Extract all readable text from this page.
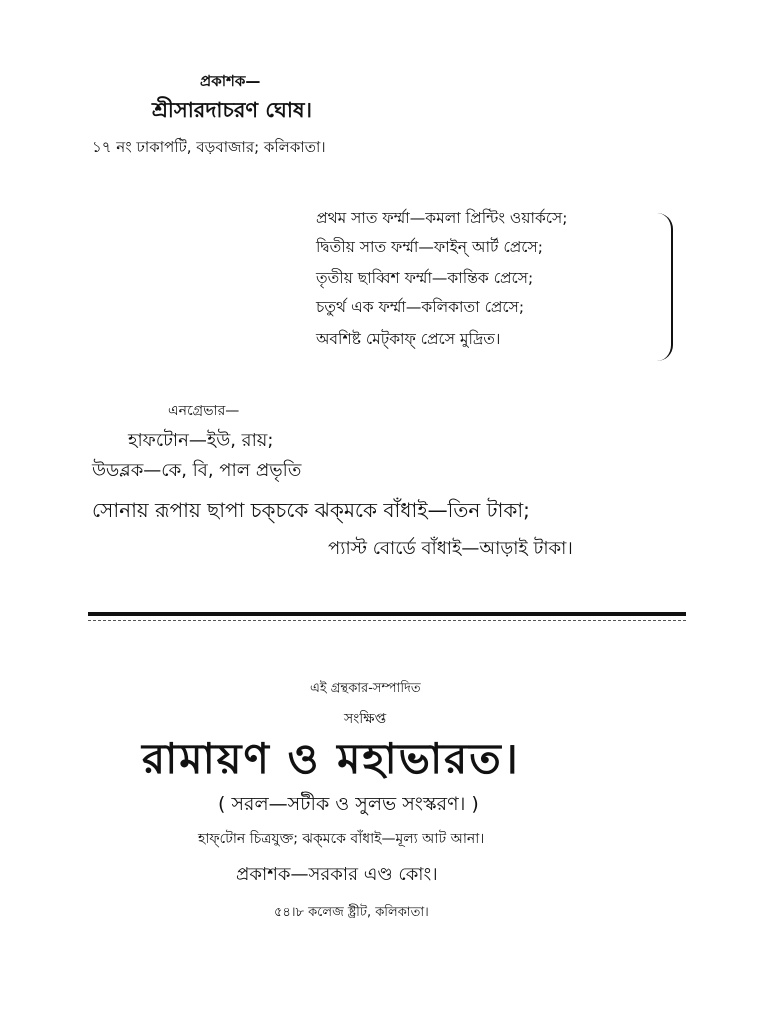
প্রকাশক—
শ্রীসারদাচরণ ঘোষ।
১৭ নং ঢাকাপটি, বড়বাজার; কলিকাতা।
প্রথম সাত ফর্ম্মা—কমলা প্রিন্টিং ওয়ার্কসে;
দ্বিতীয় সাত ফর্ম্মা—ফাইন্ আর্ট প্রেসে;
তৃতীয় ছাব্বিশ ফর্ম্মা—কান্তিক প্রেসে;
চতুর্থ এক ফর্ম্মা—কলিকাতা প্রেসে;
অবশিষ্ট মেট্‌কাফ্ প্রেসে মুদ্রিত।
এনগ্রেভার—
হাফটোন—ইউ, রায়;
উডব্লক—কে, বি, পাল প্রভৃতি
সোনায় রূপায় ছাপা চক্‌চকে ঝক্‌মকে বাঁধাই—তিন টাকা;
প্যাস্ট বোর্ডে বাঁধাই—আড়াই টাকা।
এই গ্রন্থকার-সম্পাদিত
সংক্ষিপ্ত
রামায়ণ ও মহাভারত।
( সরল—সটীক ও সুলভ সংস্করণ। )
হাফ্‌টোন চিত্রযুক্ত; ঝক্‌মকে বাঁধাই—মূল্য আট আনা।
প্রকাশক—সরকার এণ্ড কোং।
৫৪।৮ কলেজ ষ্ট্রীট, কলিকাতা।
